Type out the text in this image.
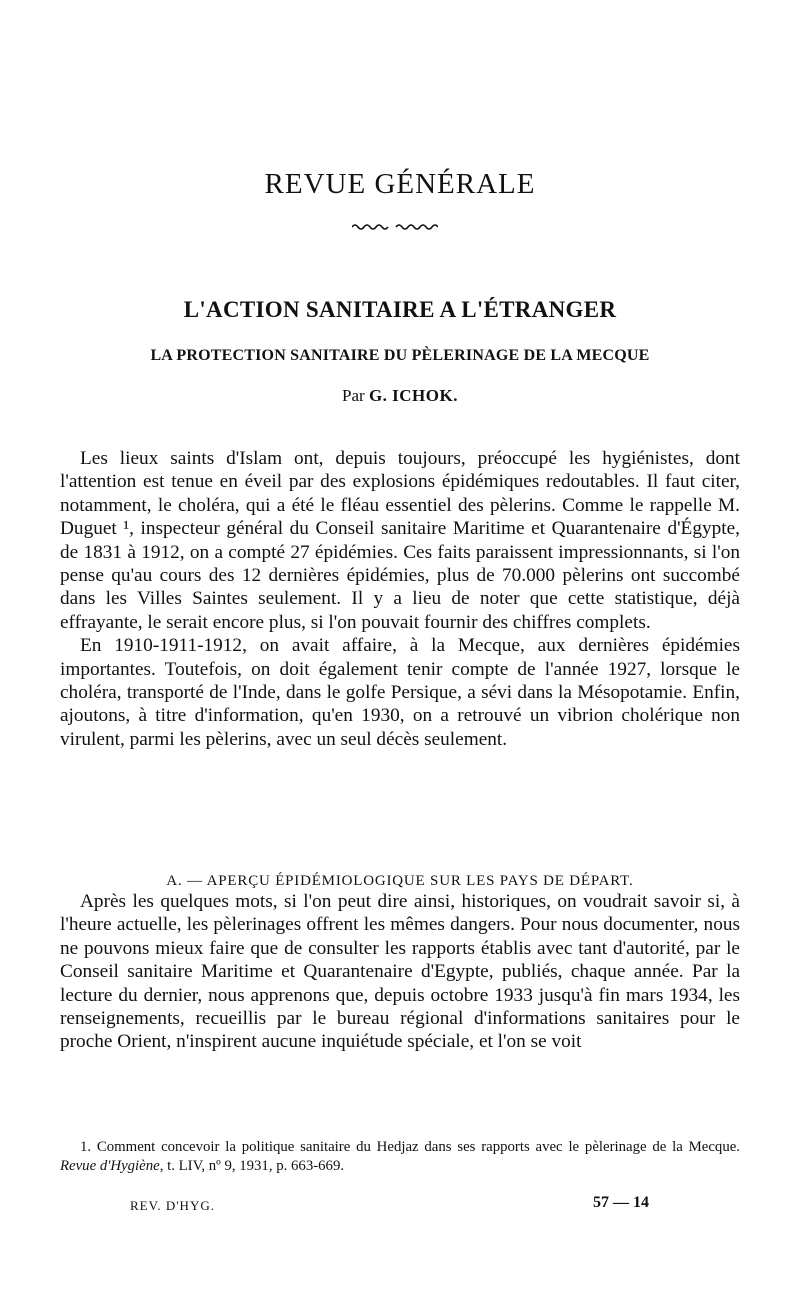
REVUE GÉNÉRALE
L'ACTION SANITAIRE A L'ÉTRANGER
LA PROTECTION SANITAIRE DU PÈLERINAGE DE LA MECQUE
Par G. ICHOK.

Les lieux saints d'Islam ont, depuis toujours, préoccupé les hygiénistes, dont l'attention est tenue en éveil par des explosions épidémiques redoutables. Il faut citer, notamment, le choléra, qui a été le fléau essentiel des pèlerins. Comme le rappelle M. Duguet ¹, inspecteur général du Conseil sanitaire Maritime et Quarantenaire d'Égypte, de 1831 à 1912, on a compté 27 épidémies. Ces faits paraissent impressionnants, si l'on pense qu'au cours des 12 dernières épidémies, plus de 70.000 pèlerins ont succombé dans les Villes Saintes seulement. Il y a lieu de noter que cette statistique, déjà effrayante, le serait encore plus, si l'on pouvait fournir des chiffres complets.

En 1910-1911-1912, on avait affaire, à la Mecque, aux dernières épidémies importantes. Toutefois, on doit également tenir compte de l'année 1927, lorsque le choléra, transporté de l'Inde, dans le golfe Persique, a sévi dans la Mésopotamie. Enfin, ajoutons, à titre d'information, qu'en 1930, on a retrouvé un vibrion cholérique non virulent, parmi les pèlerins, avec un seul décès seulement.

A. — APERÇU ÉPIDÉMIOLOGIQUE SUR LES PAYS DE DÉPART.

Après les quelques mots, si l'on peut dire ainsi, historiques, on voudrait savoir si, à l'heure actuelle, les pèlerinages offrent les mêmes dangers. Pour nous documenter, nous ne pouvons mieux faire que de consulter les rapports établis avec tant d'autorité, par le Conseil sanitaire Maritime et Quarantenaire d'Egypte, publiés, chaque année. Par la lecture du dernier, nous apprenons que, depuis octobre 1933 jusqu'à fin mars 1934, les renseignements, recueillis par le bureau régional d'informations sanitaires pour le proche Orient, n'inspirent aucune inquiétude spéciale, et l'on se voit

1. Comment concevoir la politique sanitaire du Hedjaz dans ses rapports avec le pèlerinage de la Mecque. Revue d'Hygiène, t. LIV, nº 9, 1931, p. 663-669.

REV. D'HYG.	57 — 14
